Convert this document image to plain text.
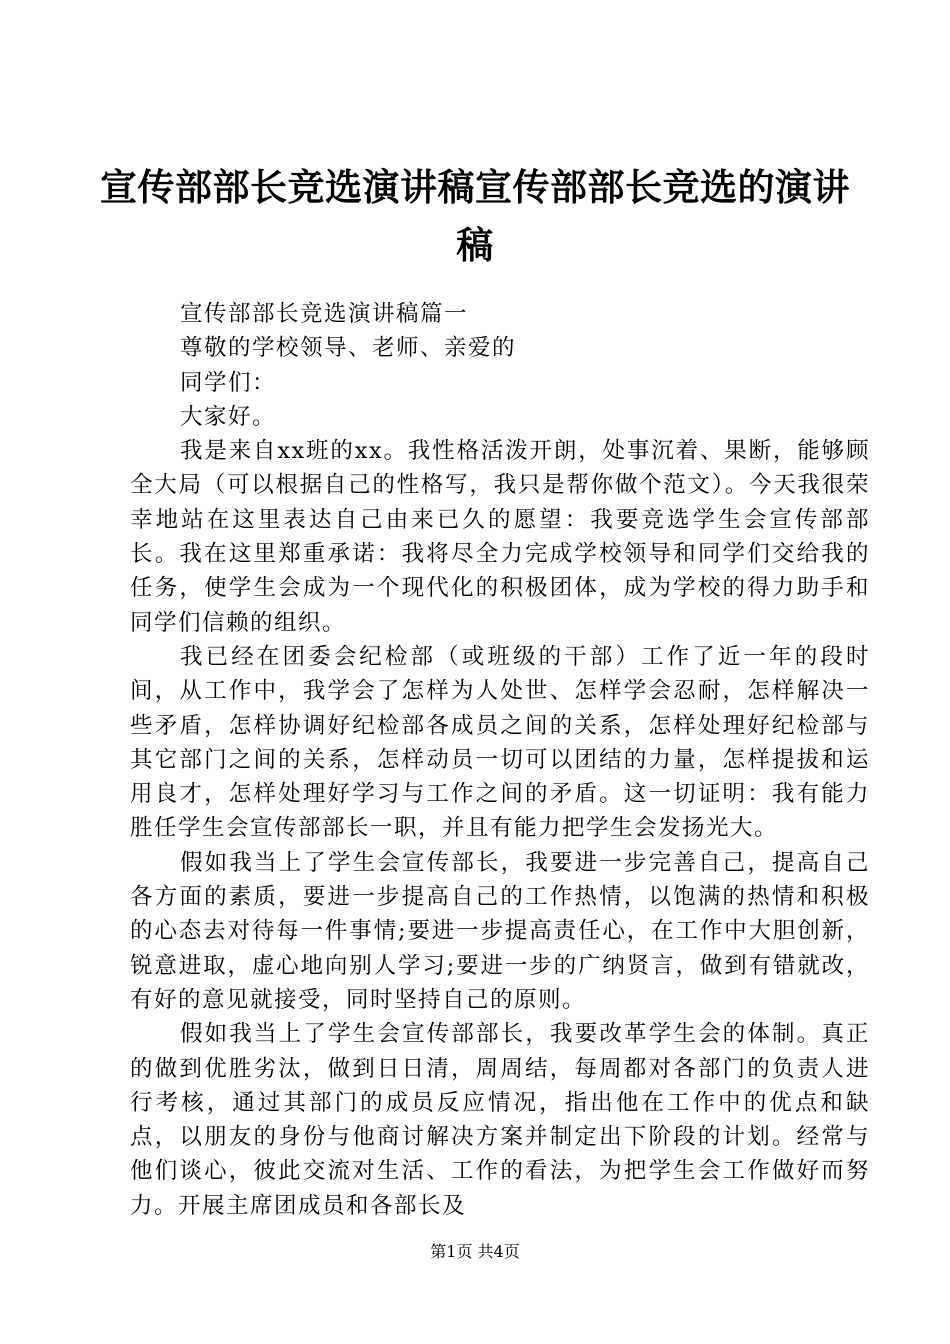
宣传部部长竞选演讲稿宣传部部长竞选的演讲稿

宣传部部长竞选演讲稿篇一

尊敬的学校领导、老师、亲爱的

同学们：

大家好。

我是来自xx班的xx。我性格活泼开朗，处事沉着、果断，能够顾全大局（可以根据自己的性格写，我只是帮你做个范文）。今天我很荣幸地站在这里表达自己由来已久的愿望：我要竞选学生会宣传部部长。我在这里郑重承诺：我将尽全力完成学校领导和同学们交给我的任务，使学生会成为一个现代化的积极团体，成为学校的得力助手和同学们信赖的组织。

我已经在团委会纪检部（或班级的干部）工作了近一年的段时间，从工作中，我学会了怎样为人处世、怎样学会忍耐，怎样解决一些矛盾，怎样协调好纪检部各成员之间的关系，怎样处理好纪检部与其它部门之间的关系，怎样动员一切可以团结的力量，怎样提拔和运用良才，怎样处理好学习与工作之间的矛盾。这一切证明：我有能力胜任学生会宣传部部长一职，并且有能力把学生会发扬光大。

假如我当上了学生会宣传部长，我要进一步完善自己，提高自己各方面的素质，要进一步提高自己的工作热情，以饱满的热情和积极的心态去对待每一件事情;要进一步提高责任心，在工作中大胆创新，锐意进取，虚心地向别人学习;要进一步的广纳贤言，做到有错就改，有好的意见就接受，同时坚持自己的原则。

假如我当上了学生会宣传部部长，我要改革学生会的体制。真正的做到优胜劣汰，做到日日清，周周结，每周都对各部门的负责人进行考核，通过其部门的成员反应情况，指出他在工作中的优点和缺点，以朋友的身份与他商讨解决方案并制定出下阶段的计划。经常与他们谈心，彼此交流对生活、工作的看法，为把学生会工作做好而努力。开展主席团成员和各部长及

第1页 共4页
